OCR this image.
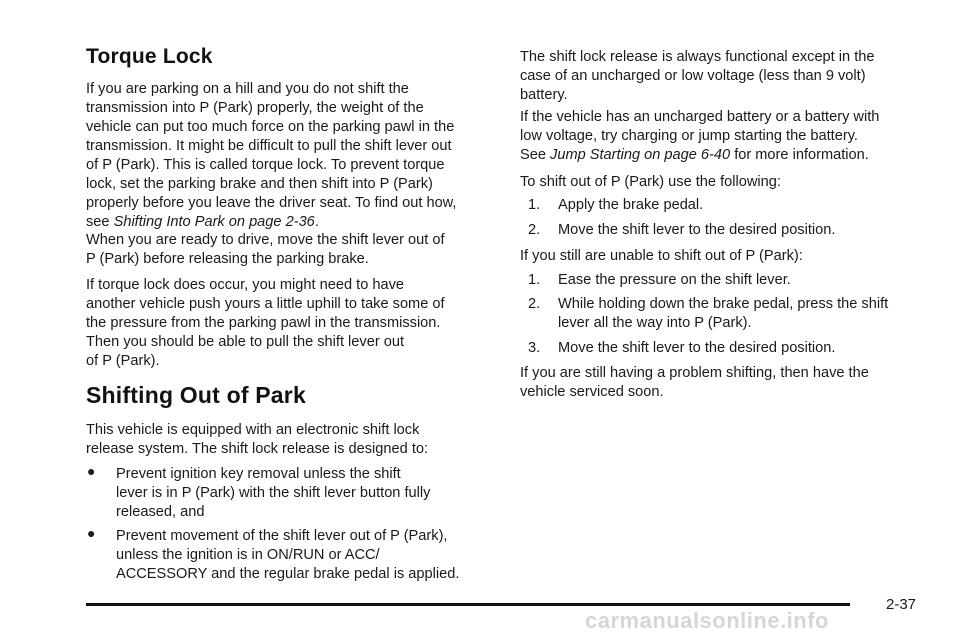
Torque Lock
If you are parking on a hill and you do not shift the
transmission into P (Park) properly, the weight of the
vehicle can put too much force on the parking pawl in the
transmission. It might be difficult to pull the shift lever out
of P (Park). This is called torque lock. To prevent torque
lock, set the parking brake and then shift into P (Park)
properly before you leave the driver seat. To find out how,
see Shifting Into Park on page 2-36.
When you are ready to drive, move the shift lever out of
P (Park) before releasing the parking brake.
If torque lock does occur, you might need to have
another vehicle push yours a little uphill to take some of
the pressure from the parking pawl in the transmission.
Then you should be able to pull the shift lever out
of P (Park).
Shifting Out of Park
This vehicle is equipped with an electronic shift lock
release system. The shift lock release is designed to:
● Prevent ignition key removal unless the shift
lever is in P (Park) with the shift lever button fully
released, and
● Prevent movement of the shift lever out of P (Park),
unless the ignition is in ON/RUN or ACC/
ACCESSORY and the regular brake pedal is applied.
The shift lock release is always functional except in the
case of an uncharged or low voltage (less than 9 volt)
battery.
If the vehicle has an uncharged battery or a battery with
low voltage, try charging or jump starting the battery.
See Jump Starting on page 6-40 for more information.
To shift out of P (Park) use the following:
1. Apply the brake pedal.
2. Move the shift lever to the desired position.
If you still are unable to shift out of P (Park):
1. Ease the pressure on the shift lever.
2. While holding down the brake pedal, press the shift
lever all the way into P (Park).
3. Move the shift lever to the desired position.
If you are still having a problem shifting, then have the
vehicle serviced soon.
2-37
carmanualsonline.info
